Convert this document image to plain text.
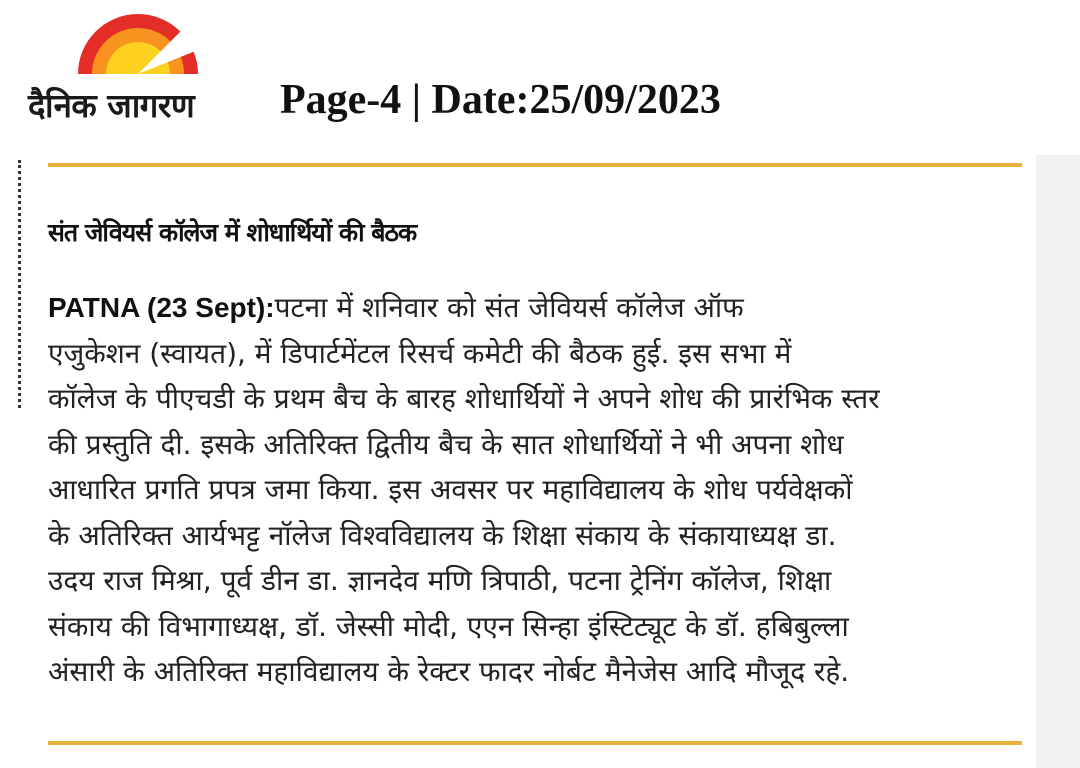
दैनिक जागरण Page-4 | Date:25/09/2023
संत जेवियर्स कॉलेज में शोधार्थियों की बैठक
PATNA (23 Sept):पटना में शनिवार को संत जेवियर्स कॉलेज ऑफ
एजुकेशन (स्वायत), में डिपार्टमेंटल रिसर्च कमेटी की बैठक हुई. इस सभा में
कॉलेज के पीएचडी के प्रथम बैच के बारह शोधार्थियों ने अपने शोध की प्रारंभिक स्तर
की प्रस्तुति दी. इसके अतिरिक्त द्वितीय बैच के सात शोधार्थियों ने भी अपना शोध
आधारित प्रगति प्रपत्र जमा किया. इस अवसर पर महाविद्यालय के शोध पर्यवेक्षकों
के अतिरिक्त आर्यभट्ट नॉलेज विश्वविद्यालय के शिक्षा संकाय के संकायाध्यक्ष डा.
उदय राज मिश्रा, पूर्व डीन डा. ज्ञानदेव मणि त्रिपाठी, पटना ट्रेनिंग कॉलेज, शिक्षा
संकाय की विभागाध्यक्ष, डॉ. जेस्सी मोदी, एएन सिन्हा इंस्टिट्यूट के डॉ. हबिबुल्ला
अंसारी के अतिरिक्त महाविद्यालय के रेक्टर फादर नोर्बट मैनेजेस आदि मौजूद रहे.
